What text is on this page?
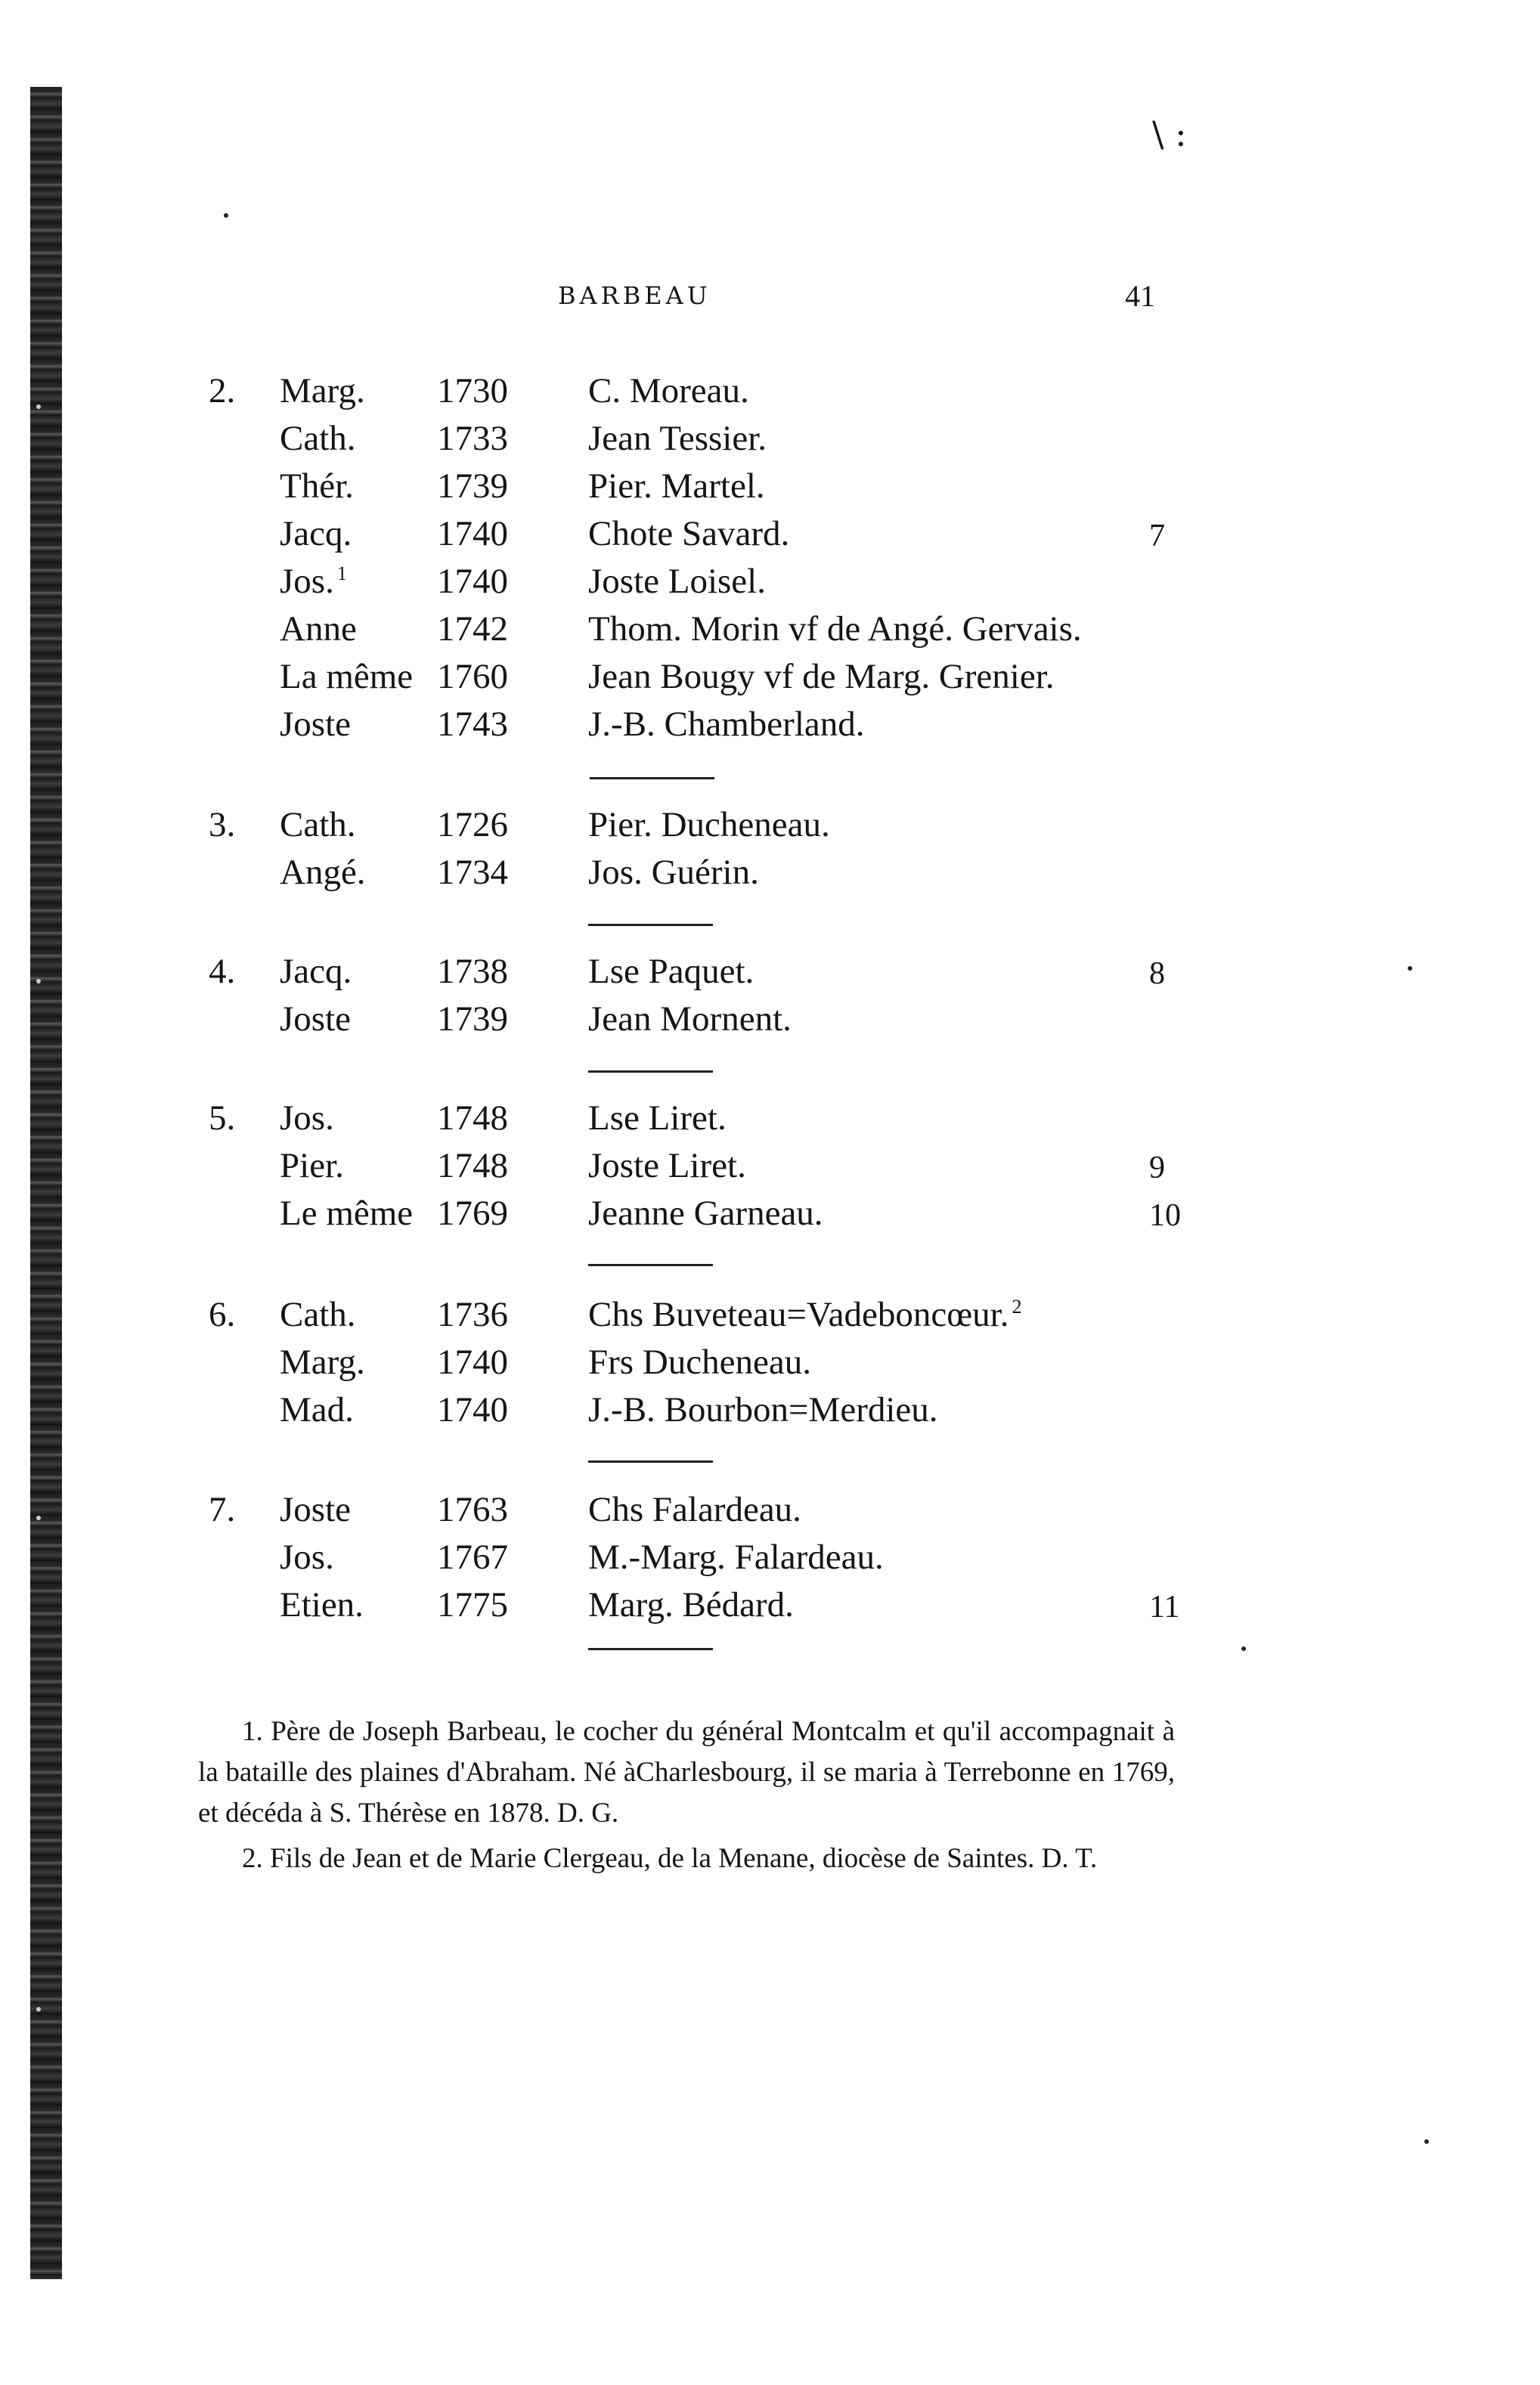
\ :
BARBEAU	41
2. Marg. 1730 C. Moreau.
Cath. 1733 Jean Tessier.
Thér. 1739 Pier. Martel.
Jacq. 1740 Chote Savard.	7
Jos. $^1$	1740 Joste Loisel.
Anne 1742 Thom. Morin vf de Angé. Gervais.
La même 1760 Jean Bougy vf de Marg. Grenier.
Joste 1743 J.-B. Chamberland.
3. Cath. 1726 Pier. Ducheneau.
Angé. 1734 Jos. Guérin.
4. Jacq. 1738 Lse Paquet.	8
Joste 1739 Jean Mornent.
5. Jos.	1748 Lse Liret.
Pier.	1748 Joste Liret.	9
Le même 1769 Jeanne Garneau.	10
6. Cath. 1736 Chs Buveteau=Vadeboncœur. $^2$
Marg. 1740 Frs Ducheneau.
Mad. 1740 J.-B. Bourbon=Merdieu.
7. Joste 1763 Chs Falardeau.
Jos.	1767 M.-Marg. Falardeau.
Etien. 1775 Marg. Bédard.	11

1. Père de Joseph Barbeau, le cocher du général Montcalm et qu'il accompagnait à la bataille des plaines d'Abraham. Né àCharlesbourg, il se maria à Terrebonne en 1769, et décéda à S. Thérèse en 1878. D. G.

2. Fils de Jean et de Marie Clergeau, de la Menane, diocèse de Saintes. D. T.
